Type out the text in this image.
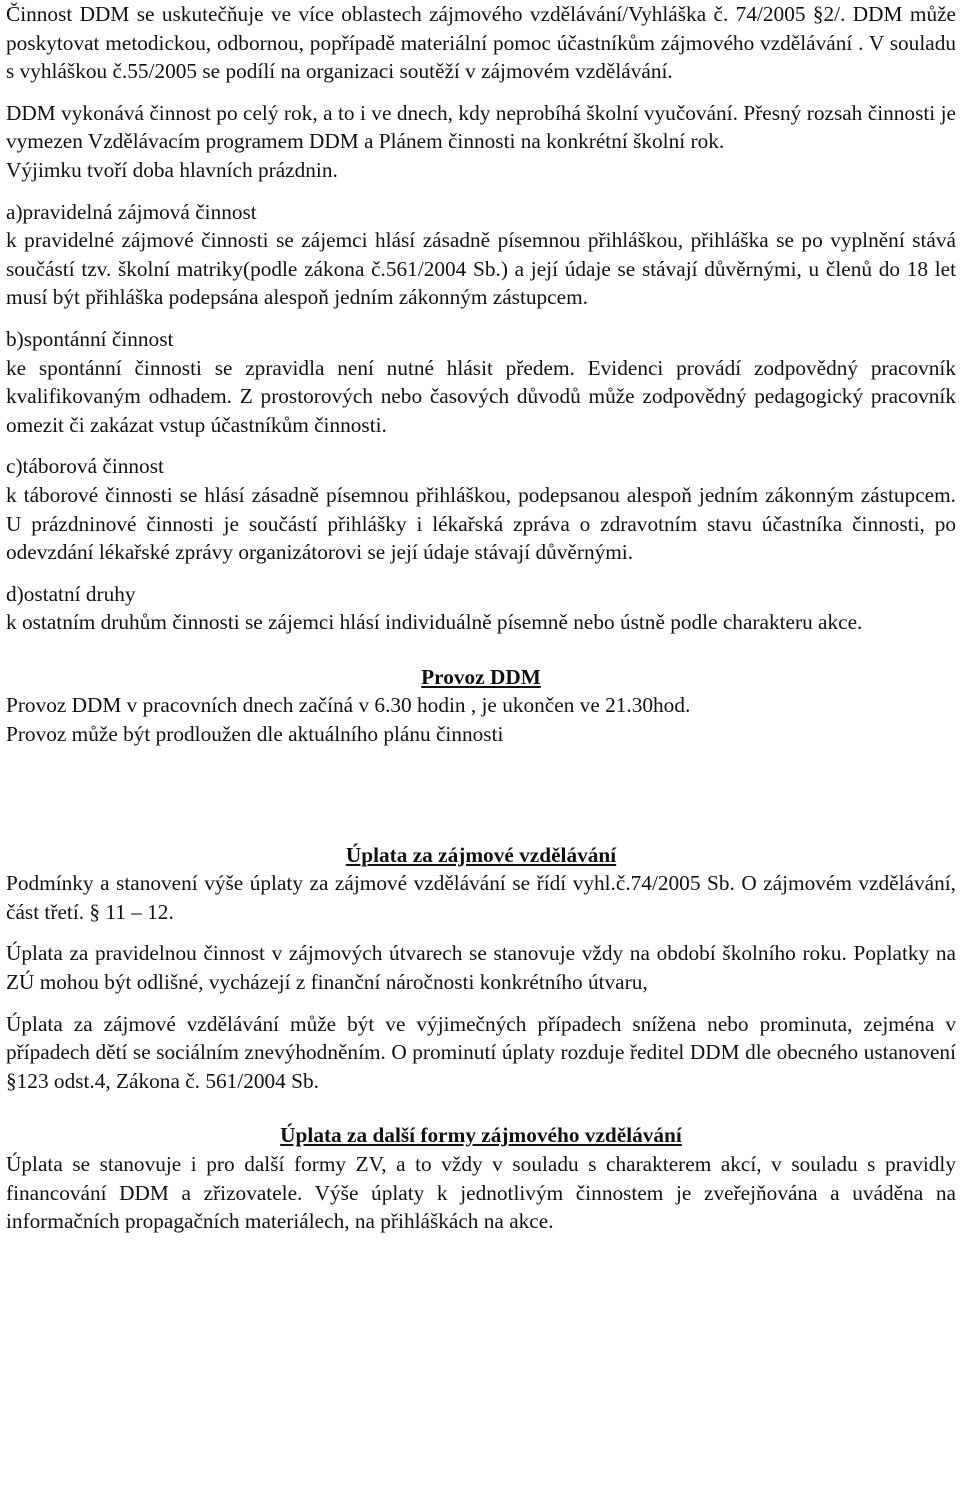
Činnost DDM se uskutečňuje ve více oblastech zájmového vzdělávání/Vyhláška č. 74/2005 §2/. DDM může poskytovat metodickou, odbornou, popřípadě materiální pomoc účastníkům zájmového vzdělávání . V souladu s vyhláškou č.55/2005 se podílí na organizaci soutěží v zájmovém vzdělávání.

DDM vykonává činnost po celý rok, a to i ve dnech, kdy neprobíhá školní vyučování. Přesný rozsah činnosti je vymezen Vzdělávacím programem DDM a Plánem činnosti na konkrétní školní rok.

Výjimku tvoří doba hlavních prázdnin.

a)pravidelná zájmová činnost

k pravidelné zájmové činnosti se zájemci hlásí zásadně písemnou přihláškou, přihláška se po vyplnění stává součástí tzv. školní matriky(podle zákona č.561/2004 Sb.) a její údaje se stávají důvěrnými, u členů do 18 let musí být přihláška podepsána alespoň jedním zákonným zástupcem.

b)spontánní činnost

ke spontánní činnosti se zpravidla není nutné hlásit předem. Evidenci provádí zodpovědný pracovník kvalifikovaným odhadem. Z prostorových nebo časových důvodů může zodpovědný pedagogický pracovník omezit či zakázat vstup účastníkům činnosti.

c)táborová činnost

k táborové činnosti se hlásí zásadně písemnou přihláškou, podepsanou alespoň jedním zákonným zástupcem. U prázdninové činnosti je součástí přihlášky i lékařská zpráva o zdravotním stavu účastníka činnosti, po odevzdání lékařské zprávy organizátorovi se její údaje stávají důvěrnými.

d)ostatní druhy

k ostatním druhům činnosti se zájemci hlásí individuálně písemně nebo ústně podle charakteru akce.

Provoz DDM

Provoz DDM v pracovních dnech začíná v 6.30 hodin , je ukončen ve 21.30hod.

Provoz může být prodloužen dle aktuálního plánu činnosti

Úplata za zájmové vzdělávání

Podmínky a stanovení výše úplaty za zájmové vzdělávání se řídí vyhl.č.74/2005 Sb. O zájmovém vzdělávání, část třetí. § 11 – 12.

Úplata za pravidelnou činnost v zájmových útvarech se stanovuje vždy na období školního roku. Poplatky na ZÚ mohou být odlišné, vycházejí z finanční náročnosti konkrétního útvaru,

Úplata za zájmové vzdělávání může být ve výjimečných případech snížena nebo prominuta, zejména v případech dětí se sociálním znevýhodněním. O prominutí úplaty rozduje ředitel DDM dle obecného ustanovení §123 odst.4, Zákona č. 561/2004 Sb.

Úplata za další formy zájmového vzdělávání

Úplata se stanovuje i pro další formy ZV, a to vždy v souladu s charakterem akcí, v souladu s pravidly financování DDM a zřizovatele. Výše úplaty k jednotlivým činnostem je zveřejňována a uváděna na informačních propagačních materiálech, na přihláškách na akce.
